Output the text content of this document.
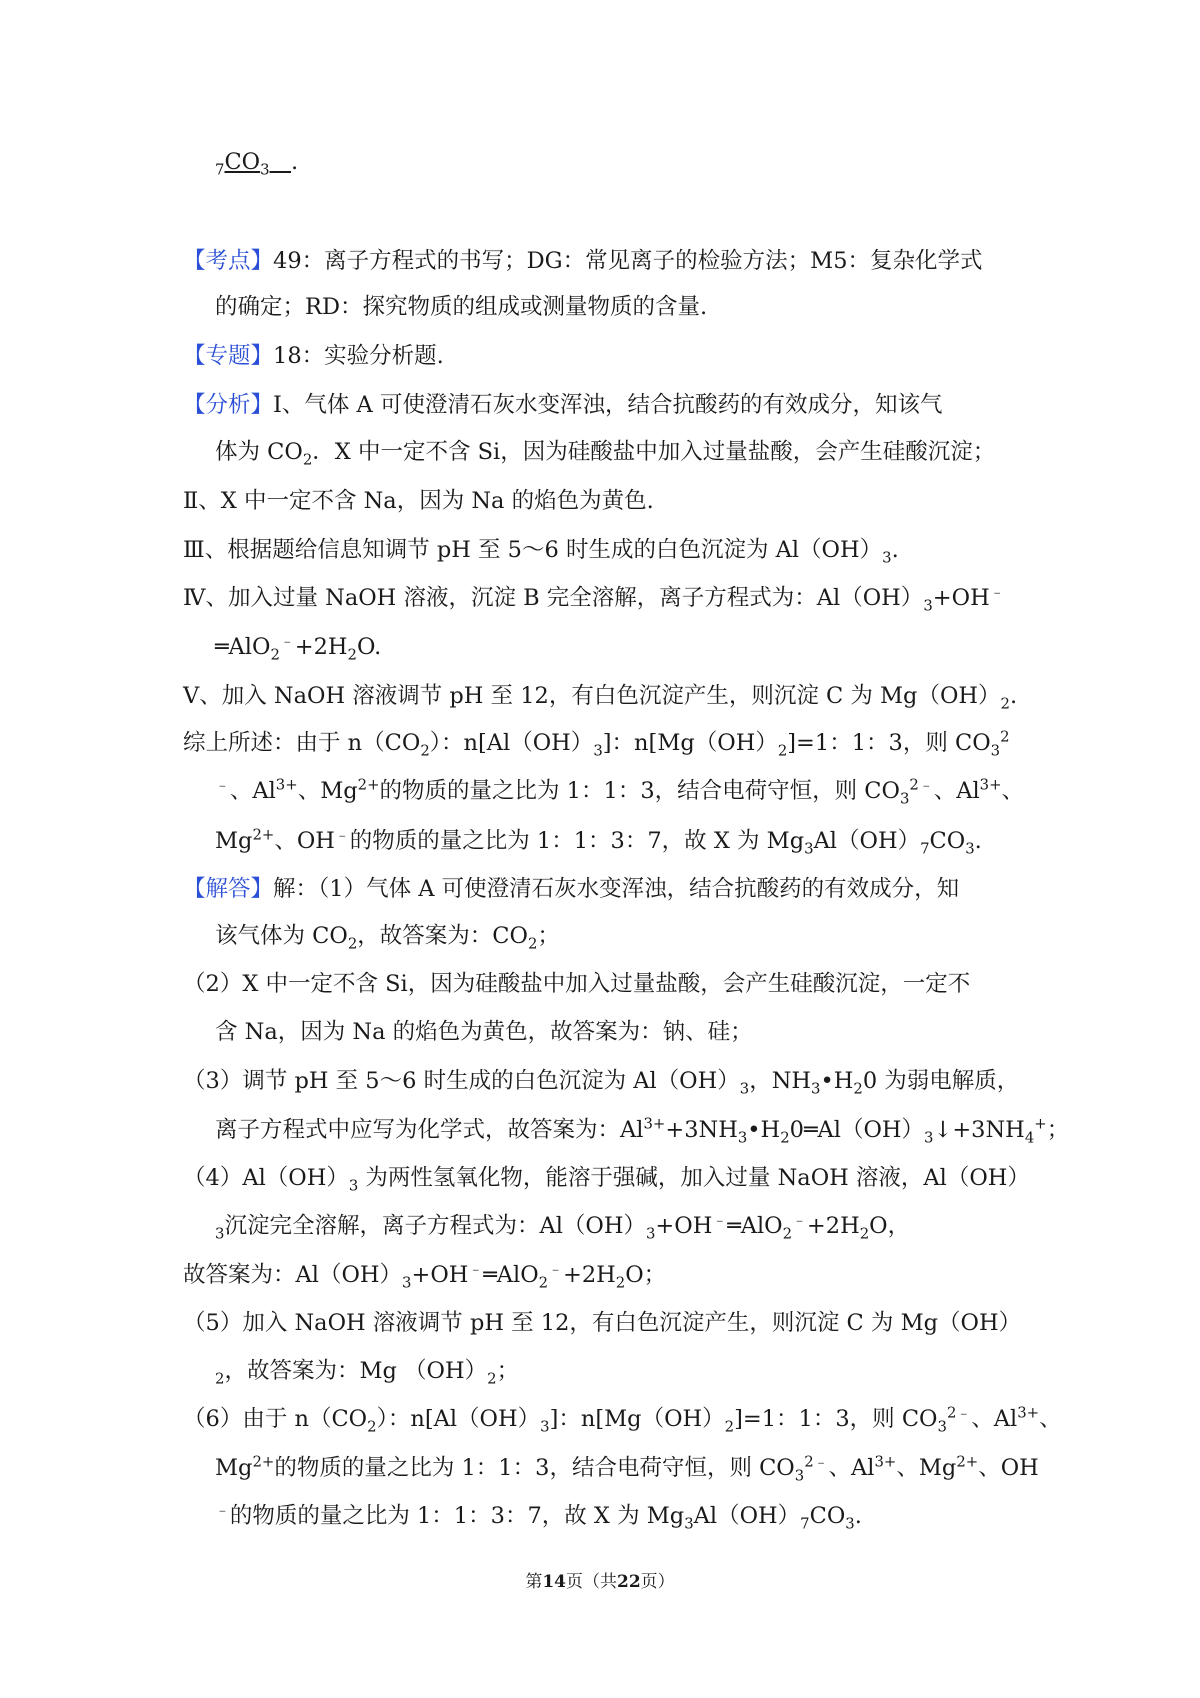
$_7CO_3$ .
【考点】49：离子方程式的书写；DG：常见离子的检验方法；M5：复杂化学式
的确定；RD：探究物质的组成或测量物质的含量.
【专题】18：实验分析题.
【分析】Ⅰ、气体 A 可使澄清石灰水变浑浊，结合抗酸药的有效成分，知该气
体为 $CO_2$．X 中一定不含 Si，因为硅酸盐中加入过量盐酸，会产生硅酸沉淀；
Ⅱ、X 中一定不含 Na，因为 Na 的焰色为黄色.
Ⅲ、根据题给信息知调节 pH 至 5～6 时生成的白色沉淀为 $Al(OH)_3$.
Ⅳ、加入过量 NaOH 溶液，沉淀 B 完全溶解，离子方程式为：$Al(OH)_3+OH^﹣$
$═AlO_2^﹣+2H_2O$.
Ⅴ、加入 NaOH 溶液调节 pH 至 12，有白色沉淀产生，则沉淀 C 为 $Mg(OH)_2$.
综上所述：由于 $n(CO_2)$：$n[Al(OH)_3]$：$n[Mg(OH)_2]=1$：1：3，则 $CO_3^2$
﹣、$Al^{3+}$、$Mg^{2+}$的物质的量之比为 1：1：3，结合电荷守恒，则 $CO_3^{2﹣}$、$Al^{3+}$、
$Mg^{2+}$、OH﹣的物质的量之比为 1：1：3：7，故 X 为 $Mg_3Al(OH)_7CO_3$.
【解答】解：（1）气体 A 可使澄清石灰水变浑浊，结合抗酸药的有效成分，知
该气体为 $CO_2$，故答案为：$CO_2$；
（2）X 中一定不含 Si，因为硅酸盐中加入过量盐酸，会产生硅酸沉淀，一定不
含 Na，因为 Na 的焰色为黄色，故答案为：钠、硅；
（3）调节 pH 至 5～6 时生成的白色沉淀为 $Al(OH)_3$，$NH_3•H_20$ 为弱电解质，
离子方程式中应写为化学式，故答案为：$Al^{3+}+3NH_3•H_20═Al(OH)_3↓+3NH_4^+$；
$(4)Al(OH)_3$ 为两性氢氧化物，能溶于强碱，加入过量 NaOH 溶液，Al（OH）
$_3$沉淀完全溶解，离子方程式为：$Al(OH)_3+OH^﹣═AlO_2^﹣+2H_2O$，
故答案为：$Al(OH)_3+OH^﹣═AlO_2^﹣+2H_2O$；
（5）加入 NaOH 溶液调节 pH 至 12，有白色沉淀产生，则沉淀 C 为 Mg（OH）
$_2$，故答案为：Mg $(OH)_2$；
（6）由于 $n(CO_2)$：$n[Al(OH)_3]$：$n[Mg(OH)_2]=1$：1：3，则 $CO_3^{2﹣}$、$Al^{3+}$、
$Mg^{2+}$的物质的量之比为 1：1：3，结合电荷守恒，则 $CO_3^{2﹣}$、$Al^{3+}$、$Mg^{2+}$、OH
﹣的物质的量之比为 1：1：3：7，故 X 为 $Mg_3Al(OH)_7CO_3$.
第14页（共22页）
